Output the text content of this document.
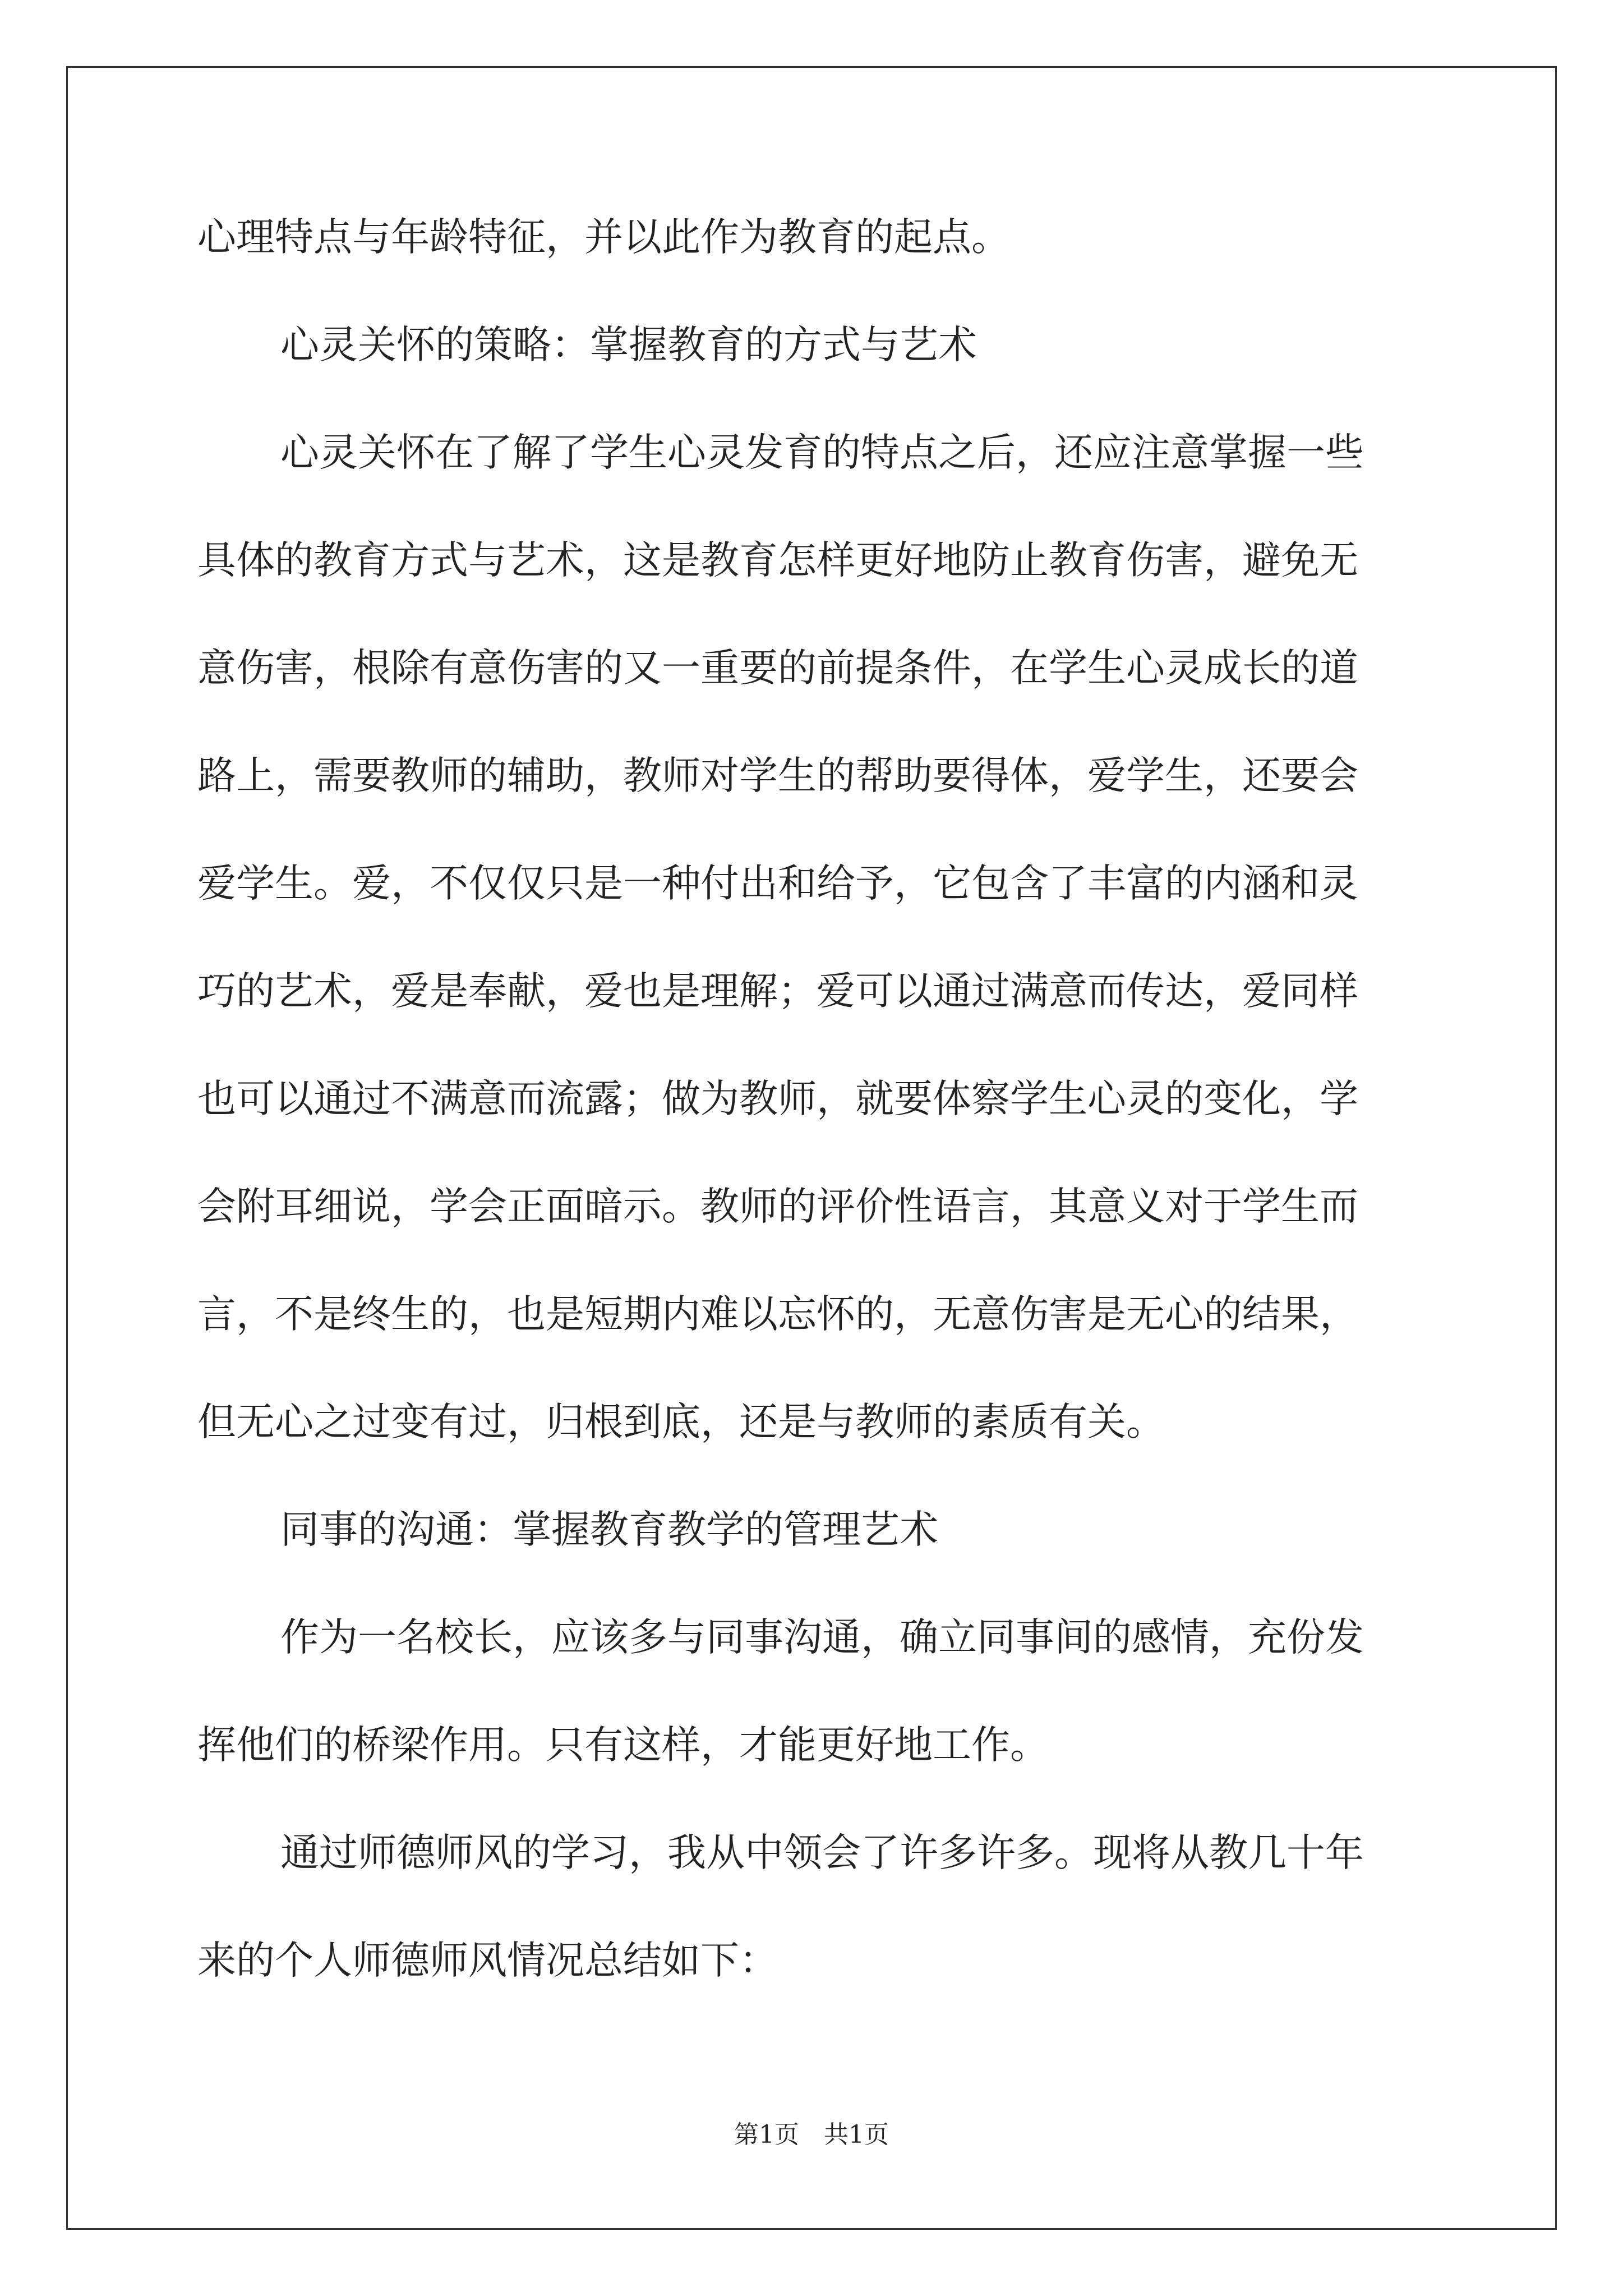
心理特点与年龄特征，并以此作为教育的起点。
心灵关怀的策略：掌握教育的方式与艺术
心灵关怀在了解了学生心灵发育的特点之后，还应注意掌握一些
具体的教育方式与艺术，这是教育怎样更好地防止教育伤害，避免无
意伤害，根除有意伤害的又一重要的前提条件，在学生心灵成长的道
路上，需要教师的辅助，教师对学生的帮助要得体，爱学生，还要会
爱学生。爱，不仅仅只是一种付出和给予，它包含了丰富的内涵和灵
巧的艺术，爱是奉献，爱也是理解；爱可以通过满意而传达，爱同样
也可以通过不满意而流露；做为教师，就要体察学生心灵的变化，学
会附耳细说，学会正面暗示。教师的评价性语言，其意义对于学生而
言，不是终生的，也是短期内难以忘怀的，无意伤害是无心的结果，
但无心之过变有过，归根到底，还是与教师的素质有关。
同事的沟通：掌握教育教学的管理艺术
作为一名校长，应该多与同事沟通，确立同事间的感情，充份发
挥他们的桥梁作用。只有这样，才能更好地工作。
通过师德师风的学习，我从中领会了许多许多。现将从教几十年
来的个人师德师风情况总结如下：
第1页　共1页
